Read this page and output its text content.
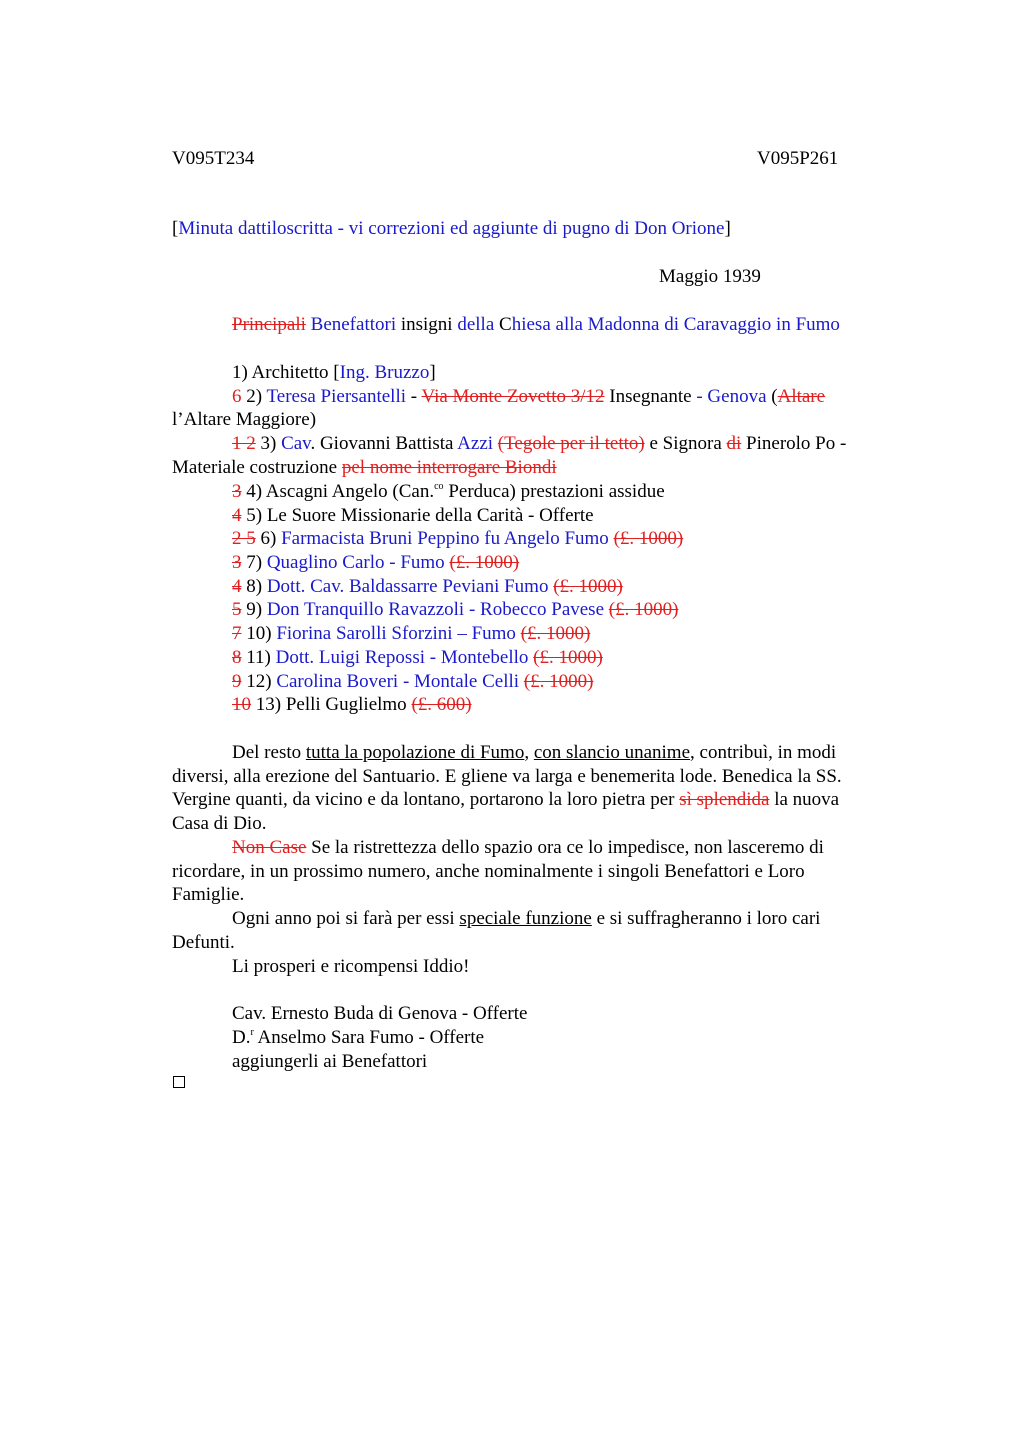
V095T234	V095P261
[Minuta dattiloscritta - vi correzioni ed aggiunte di pugno di Don Orione]
Maggio 1939
Principali Benefattori insigni della Chiesa alla Madonna di Caravaggio in Fumo
1) Architetto [Ing. Bruzzo]
6 2) Teresa Piersantelli - Via Monte Zovetto 3/12 Insegnante - Genova (Altare
l’Altare Maggiore)
1 2 3) Cav. Giovanni Battista Azzi (Tegole per il tetto) e Signora di Pinerolo Po -
Materiale costruzione pel nome interrogare Biondi
3 4) Ascagni Angelo (Can.$^{co}$ Perduca) prestazioni assidue
4 5) Le Suore Missionarie della Carità - Offerte
2 5 6) Farmacista Bruni Peppino fu Angelo Fumo (£. 1000)
3 7) Quaglino Carlo - Fumo (£. 1000)
4 8) Dott. Cav. Baldassarre Peviani Fumo (£. 1000)
5 9) Don Tranquillo Ravazzoli - Robecco Pavese (£. 1000)
7 10) Fiorina Sarolli Sforzini – Fumo (£. 1000)
8 11) Dott. Luigi Repossi - Montebello (£. 1000)
9 12) Carolina Boveri - Montale Celli (£. 1000)
10 13) Pelli Guglielmo (£. 600)
Del resto tutta la popolazione di Fumo, con slancio unanime, contribuì, in modi
diversi, alla erezione del Santuario. E gliene va larga e benemerita lode. Benedica la SS.
Vergine quanti, da vicino e da lontano, portarono la loro pietra per sì splendida la nuova
Casa di Dio.
Non Case Se la ristrettezza dello spazio ora ce lo impedisce, non lasceremo di
ricordare, in un prossimo numero, anche nominalmente i singoli Benefattori e Loro
Famiglie.
Ogni anno poi si farà per essi speciale funzione e si suffragheranno i loro cari
Defunti.
Li prosperi e ricompensi Iddio!
Cav. Ernesto Buda di Genova - Offerte
D.$^r$ Anselmo Sara Fumo - Offerte
aggiungerli ai Benefattori
